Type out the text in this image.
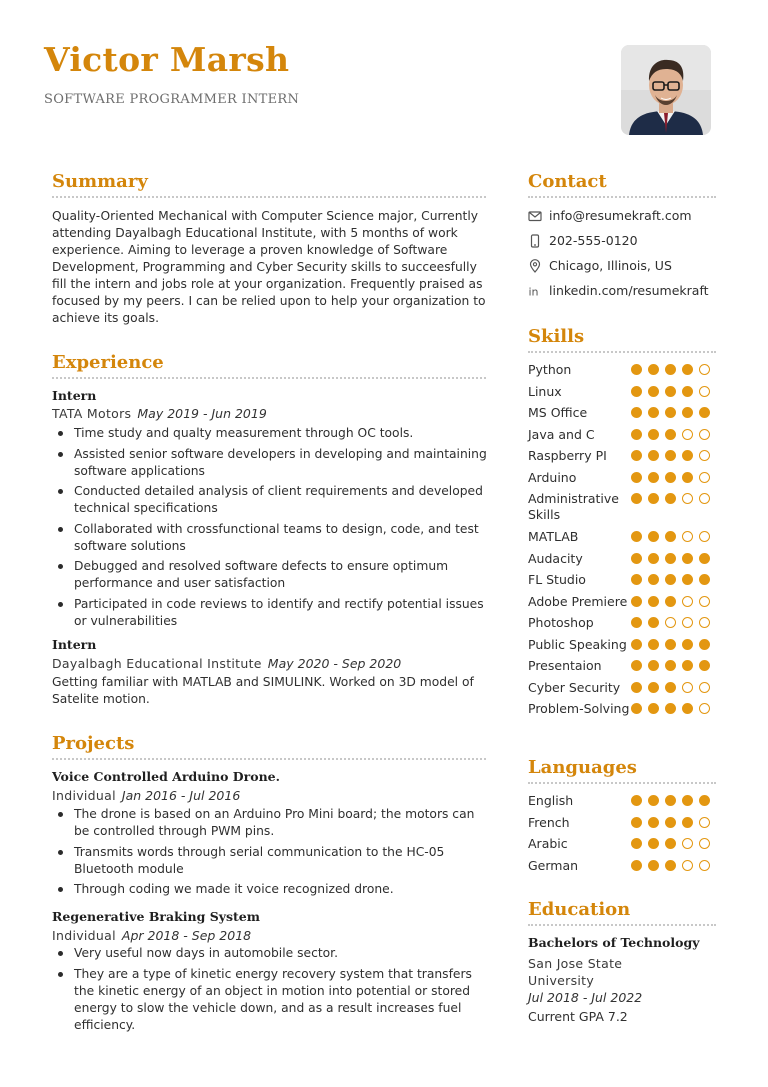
Victor Marsh
SOFTWARE PROGRAMMER INTERN
Summary
Quality-Oriented Mechanical with Computer Science major, Currently attending Dayalbagh Educational Institute, with 5 months of work experience. Aiming to leverage a proven knowledge of Software Development, Programming and Cyber Security skills to succeesfully fill the intern and jobs role at your organization. Frequently praised as focused by my peers. I can be relied upon to help your organization to achieve its goals.
Experience
Intern
TATA Motors May 2019 - Jun 2019
Time study and qualty measurement through OC tools.
Assisted senior software developers in developing and maintaining software applications
Conducted detailed analysis of client requirements and developed technical specifications
Collaborated with crossfunctional teams to design, code, and test software solutions
Debugged and resolved software defects to ensure optimum performance and user satisfaction
Participated in code reviews to identify and rectify potential issues or vulnerabilities
Intern
Dayalbagh Educational Institute May 2020 - Sep 2020
Getting familiar with MATLAB and SIMULINK. Worked on 3D model of Satelite motion.
Projects
Voice Controlled Arduino Drone.
Individual Jan 2016 - Jul 2016
The drone is based on an Arduino Pro Mini board; the motors can be controlled through PWM pins.
Transmits words through serial communication to the HC-05 Bluetooth module
Through coding we made it voice recognized drone.
Regenerative Braking System
Individual Apr 2018 - Sep 2018
Very useful now days in automobile sector.
They are a type of kinetic energy recovery system that transfers the kinetic energy of an object in motion into potential or stored energy to slow the vehicle down, and as a result increases fuel efficiency.
Contact
info@resumekraft.com
202-555-0120
Chicago, Illinois, US
in linkedin.com/resumekraft
Skills
Python
Linux
MS Office
Java and C
Raspberry PI
Arduino
Administrative Skills
MATLAB
Audacity
FL Studio
Adobe Premiere
Photoshop
Public Speaking
Presentaion
Cyber Security
Problem-Solving
Languages
English
French
Arabic
German
Education
Bachelors of Technology
San Jose State University
Jul 2018 - Jul 2022
Current GPA 7.2
